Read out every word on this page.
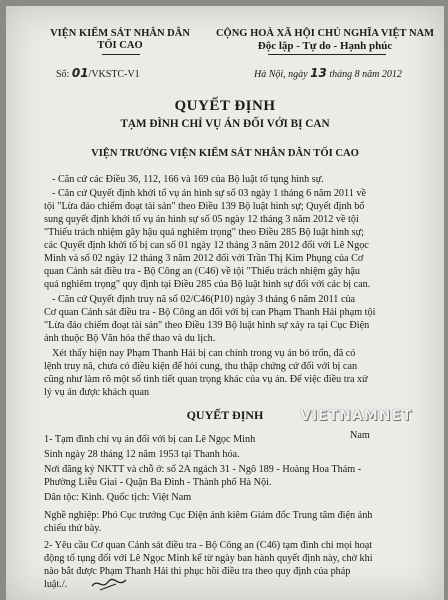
VIỆN KIỂM SÁT NHÂN DÂN
TỐI CAO
Số: 01/VKSTC-V1
CỘNG HOÀ XÃ HỘI CHỦ NGHĨA VIỆT NAM
Độc lập - Tự do - Hạnh phúc
Hà Nội, ngày 13 tháng 8 năm 2012
QUYẾT ĐỊNH
TẠM ĐÌNH CHỈ VỤ ÁN ĐỐI VỚI BỊ CAN
VIỆN TRƯỞNG VIỆN KIỂM SÁT NHÂN DÂN TỐI CAO
- Căn cứ các Điều 36, 112, 166 và 169 của Bộ luật tố tụng hình sự.
- Căn cứ Quyết định khởi tố vụ án hình sự số 03 ngày 1 tháng 6 năm 2011 về
tội "Lừa đảo chiếm đoạt tài sản" theo Điều 139 Bộ luật hình sự; Quyết định bổ
sung quyết định khởi tố vụ án hình sự số 05 ngày 12 tháng 3 năm 2012 về tội
"Thiếu trách nhiệm gây hậu quả nghiêm trọng" theo Điều 285 Bộ luật hình sự;
các Quyết định khởi tố bị can số 01 ngày 12 tháng 3 năm 2012 đối với Lê Ngọc
Minh và số 02 ngày 12 tháng 3 năm 2012 đối với Trần Thị Kim Phụng của Cơ
quan Cảnh sát điều tra - Bộ Công an (C46) về tội "Thiếu trách nhiệm gây hậu
quả nghiêm trọng" quy định tại Điều 285 của Bộ luật hình sự đối với các bị can.
- Căn cứ Quyết định truy nã số 02/C46(P10) ngày 3 tháng 6 năm 2011 của
Cơ quan Cảnh sát điều tra - Bộ Công an đối với bị can Phạm Thanh Hải phạm tội
"Lừa đảo chiếm đoạt tài sản" theo Điều 139 Bộ luật hình sự xảy ra tại Cục Điện
ảnh thuộc Bộ Văn hóa thể thao và du lịch.
Xét thấy hiện nay Phạm Thanh Hải bị can chính trong vụ án bỏ trốn, đã có
lệnh truy nã, chưa có điều kiện để hỏi cung, thu thập chứng cứ đối với bị can
cũng như làm rõ một số tình tiết quan trọng khác của vụ án. Để việc điều tra xử
lý vụ án được khách quan
QUYẾT ĐỊNH	VIETNAMNET
1- Tạm đình chỉ vụ án đối với bị can Lê Ngọc Minh	Nam
Sinh ngày 28 tháng 12 năm 1953 tại Thanh hóa.
Nơi đăng ký NKTT và chỗ ở: số 2A ngách 31 - Ngõ 189 - Hoàng Hoa Thám -
Phường Liễu Giai - Quận Ba Đình - Thành phố Hà Nội.
Dân tộc: Kinh. Quốc tịch: Việt Nam
Nghề nghiệp: Phó Cục trưởng Cục Điện ảnh kiêm Giám đốc Trung tâm điện ảnh
chiếu thử bày.
2- Yêu cầu Cơ quan Cảnh sát điều tra - Bộ Công an (C46) tạm đình chỉ mọi hoạt
động tố tụng đối với Lê Ngọc Minh kể từ ngày ban hành quyết định này, chờ khi
nào bắt được Phạm Thanh Hải thì phục hồi điều tra theo quy định của pháp
luật./.
